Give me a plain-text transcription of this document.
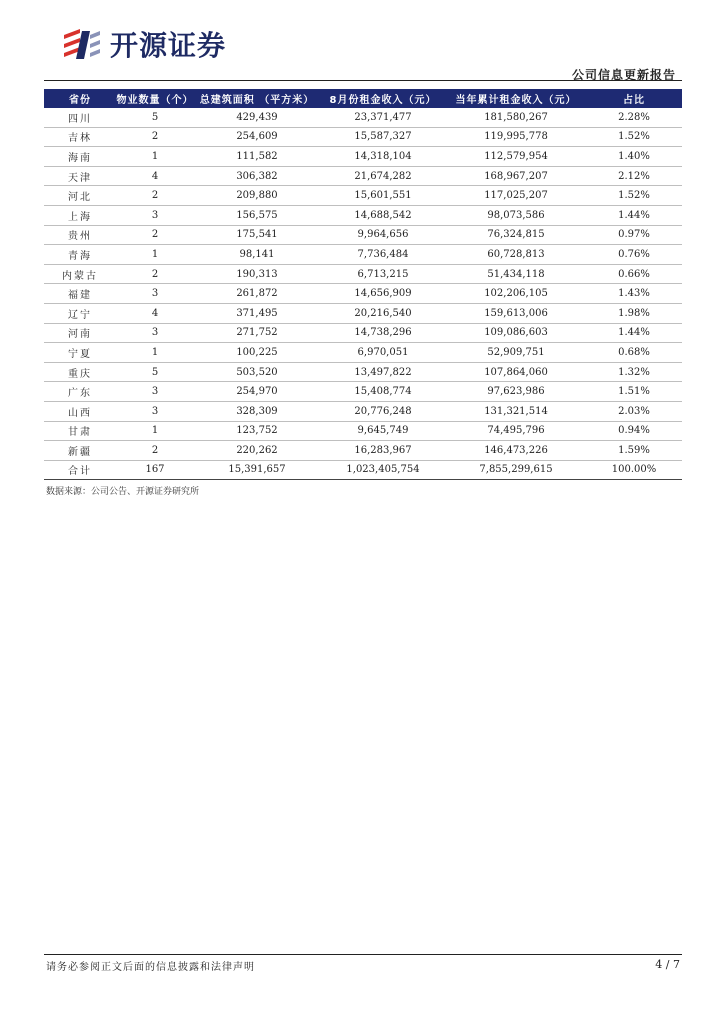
开源证券
公司信息更新报告
省份	物业数量（个）	总建筑面积 （平方米）	8月份租金收入（元）	当年累计租金收入（元）	占比
四川	5	429,439	23,371,477	181,580,267	2.28%
吉林	2	254,609	15,587,327	119,995,778	1.52%
海南	1	111,582	14,318,104	112,579,954	1.40%
天津	4	306,382	21,674,282	168,967,207	2.12%
河北	2	209,880	15,601,551	117,025,207	1.52%
上海	3	156,575	14,688,542	98,073,586	1.44%
贵州	2	175,541	9,964,656	76,324,815	0.97%
青海	1	98,141	7,736,484	60,728,813	0.76%
内蒙古	2	190,313	6,713,215	51,434,118	0.66%
福建	3	261,872	14,656,909	102,206,105	1.43%
辽宁	4	371,495	20,216,540	159,613,006	1.98%
河南	3	271,752	14,738,296	109,086,603	1.44%
宁夏	1	100,225	6,970,051	52,909,751	0.68%
重庆	5	503,520	13,497,822	107,864,060	1.32%
广东	3	254,970	15,408,774	97,623,986	1.51%
山西	3	328,309	20,776,248	131,321,514	2.03%
甘肃	1	123,752	9,645,749	74,495,796	0.94%
新疆	2	220,262	16,283,967	146,473,226	1.59%
合计	167	15,391,657	1,023,405,754	7,855,299,615	100.00%
数据来源：公司公告、开源证券研究所
请务必参阅正文后面的信息披露和法律声明	4 / 7
